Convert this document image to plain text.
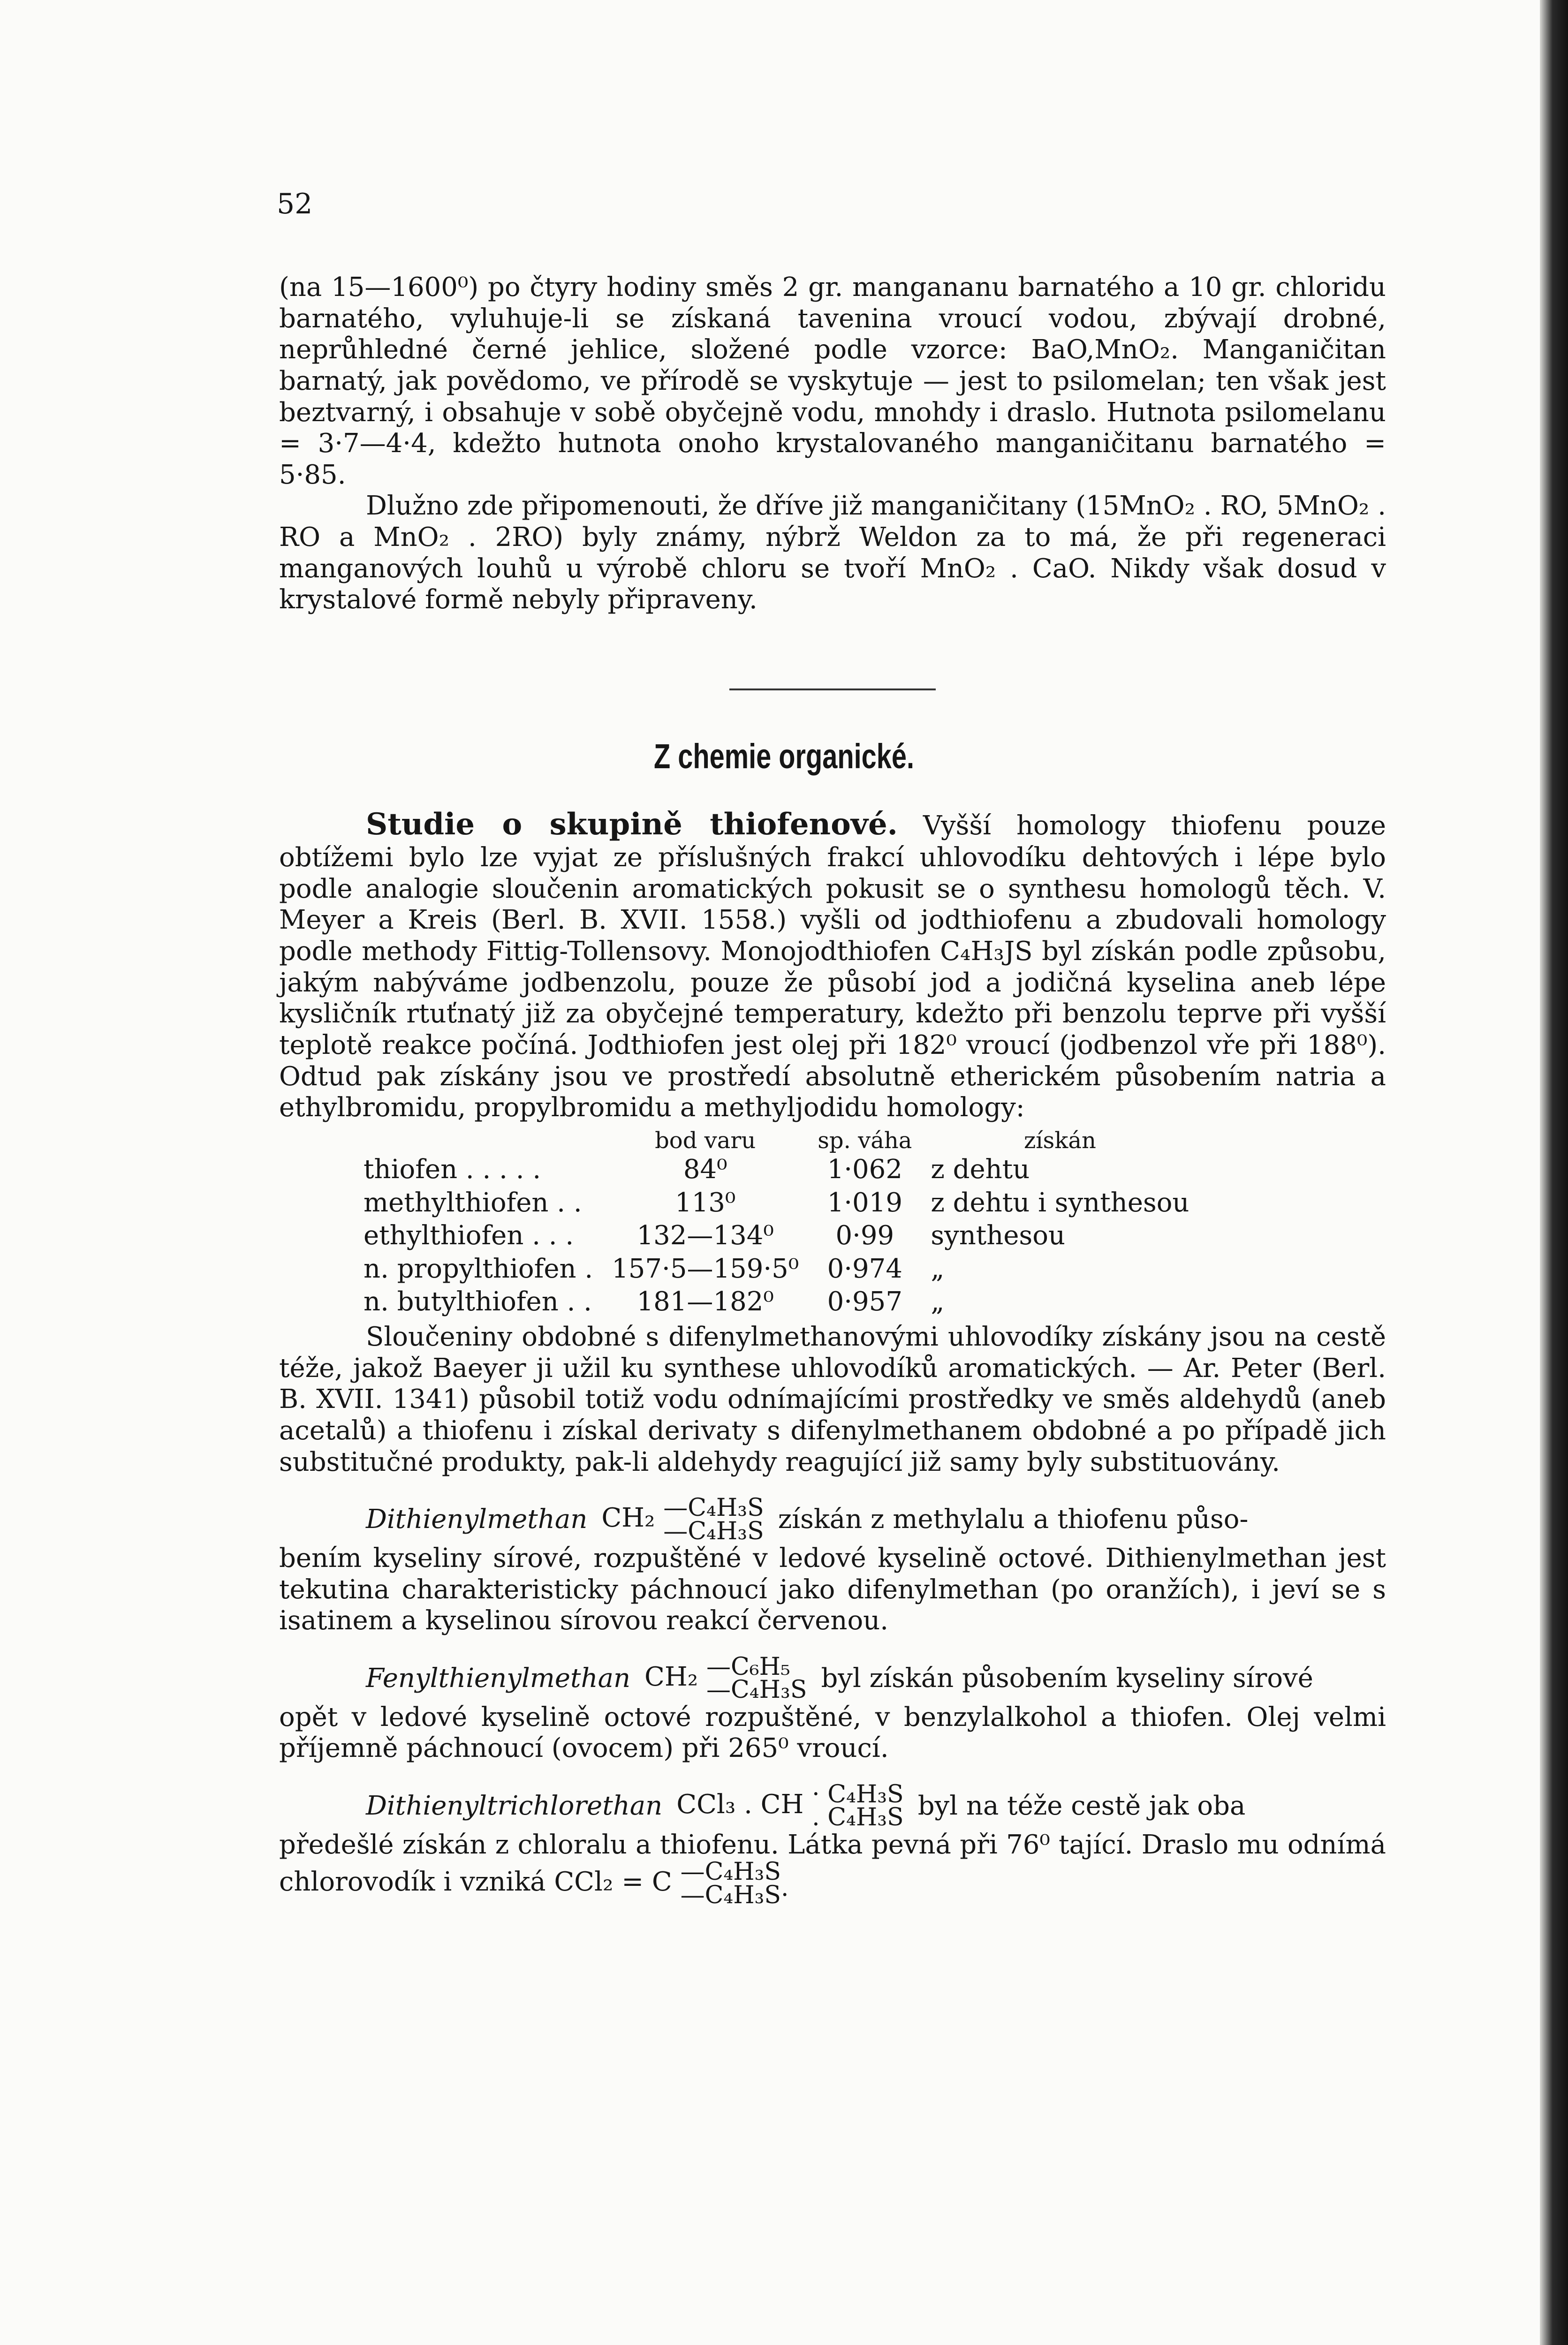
52

(na 15—1600⁰) po čtyry hodiny směs 2 gr. mangananu barnatého a 10 gr. chloridu barnatého, vyluhuje-li se získaná tavenina vroucí vodou, zbývají drobné, neprůhledné černé jehlice, složené podle vzorce: BaO,MnO₂. Manganičitan barnatý, jak povědomo, ve přírodě se vyskytuje — jest to psilomelan; ten však jest beztvarný, i obsahuje v sobě obyčejně vodu, mnohdy i draslo. Hutnota psilomelanu = 3·7—4·4, kdežto hutnota onoho krystalovaného manganičitanu barnatého = 5·85.

Dlužno zde připomenouti, že dříve již manganičitany (15MnO₂ . RO, 5MnO₂ . RO a MnO₂ . 2RO) byly známy, nýbrž Weldon za to má, že při regeneraci manganových louhů u výrobě chloru se tvoří MnO₂ . CaO. Nikdy však dosud v krystalové formě nebyly připraveny.

Z chemie organické.

Studie o skupině thiofenové. Vyšší homology thiofenu pouze obtížemi bylo lze vyjat ze příslušných frakcí uhlovodíku dehtových i lépe bylo podle analogie sloučenin aromatických pokusit se o synthesu homologů těch. V. Meyer a Kreis (Berl. B. XVII. 1558.) vyšli od jodthiofenu a zbudovali homology podle methody Fittig-Tollensovy. Monojodthiofen C₄H₃JS byl získán podle způsobu, jakým nabýváme jodbenzolu, pouze že působí jod a jodičná kyselina aneb lépe kysličník rtuťnatý již za obyčejné temperatury, kdežto při benzolu teprve při vyšší teplotě reakce počíná. Jodthiofen jest olej při 182⁰ vroucí (jodbenzol vře při 188⁰). Odtud pak získány jsou ve prostředí absolutně etherickém působením natria a ethylbromidu, propylbromidu a methyljodidu homology:

	bod varu	sp. váha	získán
thiofen . . . . .	84⁰	1·062	z dehtu
methylthiofen . .	113⁰	1·019	z dehtu i synthesou
ethylthiofen . . .	132—134⁰	0·99	synthesou
n. propylthiofen .	157·5—159·5⁰	0·974	„
n. butylthiofen . .	181—182⁰	0·957	„

Sloučeniny obdobné s difenylmethanovými uhlovodíky získány jsou na cestě téže, jakož Baeyer ji užil ku synthese uhlovodíků aromatických. — Ar. Peter (Berl. B. XVII. 1341) působil totiž vodu odnímajícími prostředky ve směs aldehydů (aneb acetalů) a thiofenu i získal derivaty s difenylmethanem obdobné a po případě jich substitučné produkty, pak-li aldehydy reagující již samy byly substituovány.

Dithienylmethan CH₂ —C₄H₃S
—C₄H₃S získán z methylalu a thiofenu půso-

bením kyseliny sírové, rozpuštěné v ledové kyselině octové. Dithienylmethan jest tekutina charakteristicky páchnoucí jako difenylmethan (po oranžích), i jeví se s isatinem a kyselinou sírovou reakcí červenou.

Fenylthienylmethan CH₂ —C₆H₅
—C₄H₃S byl získán působením kyseliny sírové

opět v ledové kyselině octové rozpuštěné, v benzylalkohol a thiofen. Olej velmi příjemně páchnoucí (ovocem) při 265⁰ vroucí.

Dithienyltrichlorethan CCl₃ . CH · C₄H₃S
. C₄H₃S byl na téže cestě jak oba

předešlé získán z chloralu a thiofenu. Látka pevná při 76⁰ tající. Draslo mu odnímá chlorovodík i vzniká CCl₂ = C —C₄H₃S
—C₄H₃S·
